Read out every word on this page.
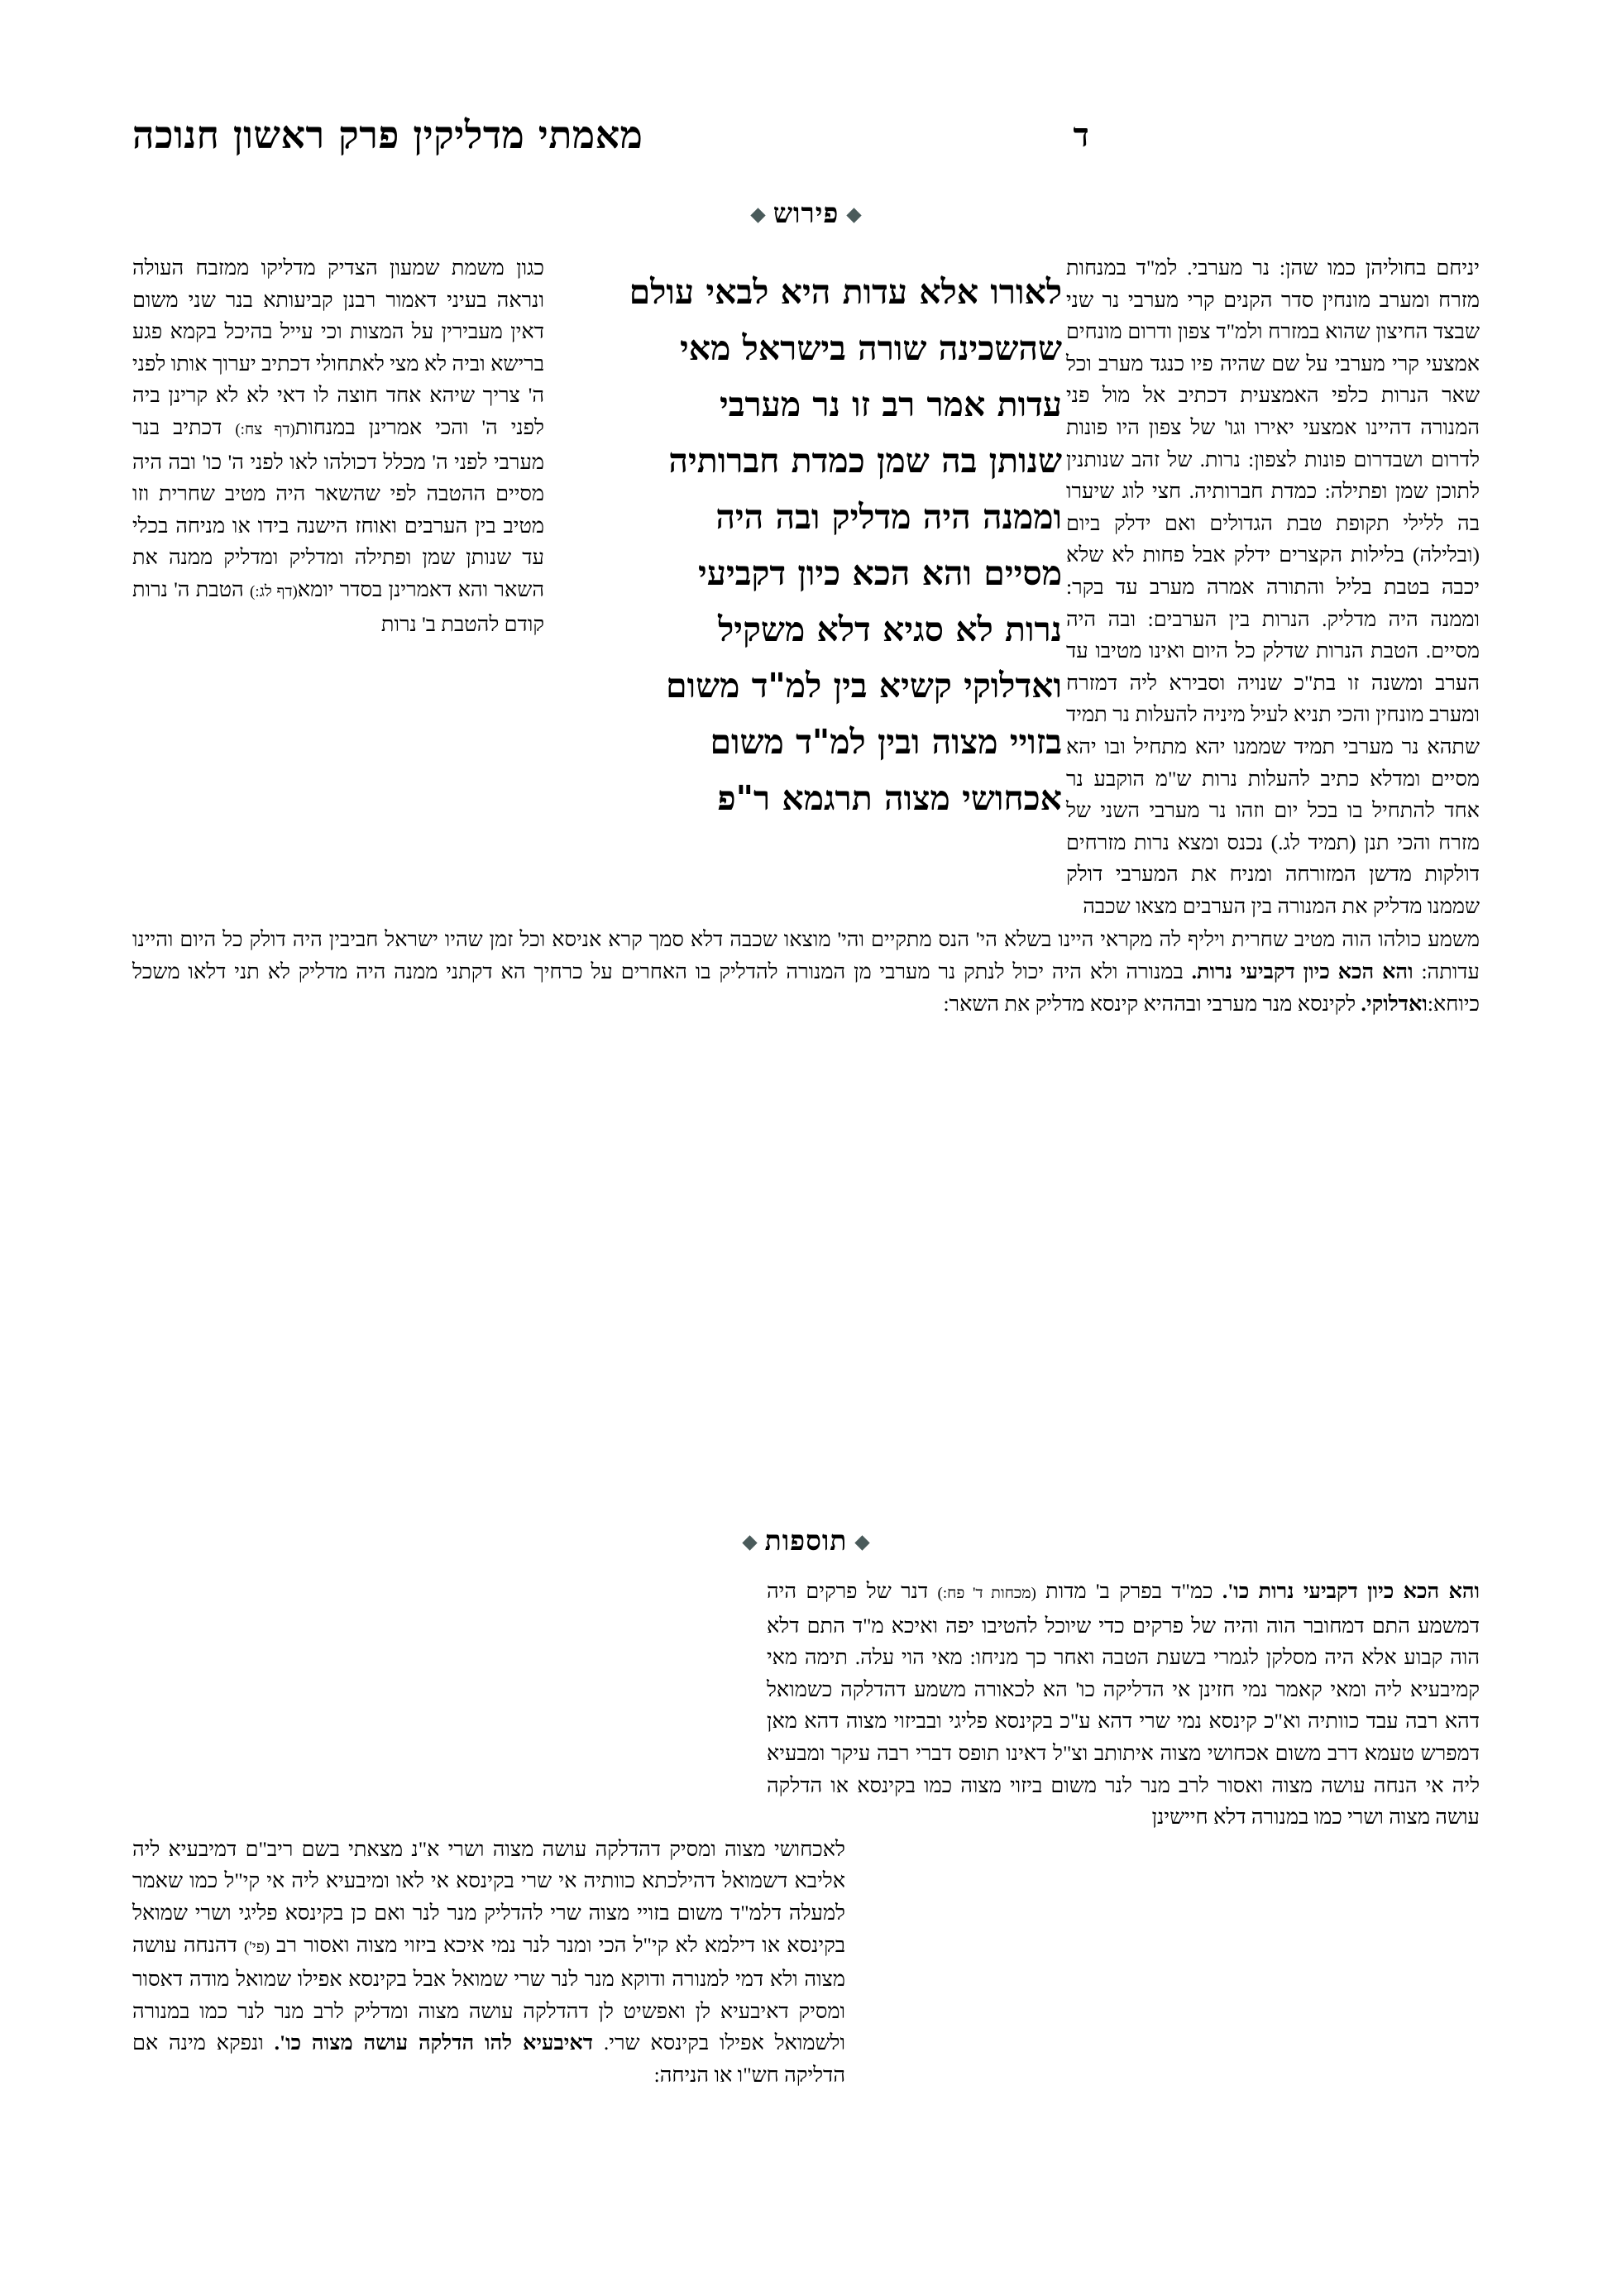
מאמתי מדליקין פרק ראשון חנוכה	ד
פירוש

יניחם בחוליהן כמו שהן: נר מערבי. למ"ד במנחות מזרח ומערב מונחין סדר הקנים קרי מערבי נר שני שבצד החיצון שהוא במזרח ולמ"ד צפון ודרום מונחים אמצעי קרי מערבי על שם שהיה פיו כנגד מערב וכל שאר הנרות כלפי האמצעית דכתיב אל מול פני המנורה דהיינו אמצעי יאירו וגו' של צפון היו פונות לדרום ושבדרום פונות לצפון: נרות. של זהב שנותנין לתוכן שמן ופתילה: כמדת חברותיה. חצי לוג שיערו בה ללילי תקופת טבת הגדולים ואם ידלק ביום (ובלילה) בלילות הקצרים ידלק אבל פחות לא שלא יכבה בטבת בליל והתורה אמרה מערב עד בקר: וממנה היה מדליק. הנרות בין הערבים: ובה היה מסיים. הטבת הנרות שדלק כל היום ואינו מטיבו עד הערב ומשנה זו בת"כ שנויה וסבירא ליה דמזרח ומערב מונחין והכי תניא לעיל מיניה להעלות נר תמיד שתהא נר מערבי תמיד שממנו יהא מתחיל ובו יהא מסיים ומדלא כתיב להעלות נרות ש"מ הוקבע נר אחד להתחיל בו בכל יום וזהו נר מערבי השני של מזרח והכי תנן (תמיד לג.) נכנס ומצא נרות מזרחים דולקות מדשן המזורחה ומניח את המערבי דולק שממנו מדליק את המנורה בין הערבים מצאו שכבה

כגון משמת שמעון הצדיק מדליקו ממזבח העולה ונראה בעיני דאמור רבנן קביעותא בנר שני משום דאין מעבירין על המצות וכי עייל בהיכל בקמא פגע ברישא וביה לא מצי לאתחולי דכתיב יערוך אותו לפני ה' צריך שיהא אחד חוצה לו דאי לא לא קרינן ביה לפני ה' והכי אמרינן במנחות(דף צח:) דכתיב בנר מערבי לפני ה' מכלל דכולהו לאו לפני ה' כו' ובה היה מסיים ההטבה לפי שהשאר היה מטיב שחרית וזו מטיב בין הערבים ואוחז הישנה בידו או מניחה בכלי עד שנותן שמן ופתילה ומדליק ומדליק ממנה את השאר והא דאמרינן בסדר יומא(דף לג:) הטבת ה' נרות קודם להטבת ב' נרות

לאורו אלא עדות היא לבאי עולם

שהשכינה שורה בישראל מאי

עדות אמר רב זו נר מערבי

שנותן בה שמן כמדת חברותיה

וממנה היה מדליק ובה היה

מסיים והא הכא כיון דקביעי

נרות לא סגיא דלא משקיל

ואדלוקי קשיא בין למ"ד משום

בזויי מצוה ובין למ"ד משום

אכחושי מצוה תרגמא ר"פ

משמע כולהו הוה מטיב שחרית ויליף לה מקראי היינו בשלא הי' הנס מתקיים והי' מוצאו שכבה דלא סמך קרא אניסא וכל זמן שהיו ישראל חביבין היה דולק כל היום והיינו עדותה: והא הכא כיון דקביעי נרות. במנורה ולא היה יכול לנתק נר מערבי מן המנורה להדליק בו האחרים על כרחיך הא דקתני ממנה היה מדליק לא תני דלאו משכל כיוחא:ואדלוקי. לקינסא מנר מערבי ובההיא קינסא מדליק את השאר:

תוספות

והא הכא כיון דקביעי נרות כו'. כמ"ד בפרק ב' מדות (מכחות ד' פח:) דנר של פרקים היה דמשמע התם דמחובר הוה והיה של פרקים כדי שיוכל להטיבו יפה ואיכא מ"ד התם דלא הוה קבוע אלא היה מסלקן לגמרי בשעת הטבה ואחר כך מניחו: מאי הוי עלה. תימה מאי קמיבעיא ליה ומאי קאמר נמי חזינן אי הדליקה כו' הא לכאורה משמע דהדלקה כשמואל דהא רבה עבד כוותיה וא"כ קינסא נמי שרי דהא ע"כ בקינסא פליגי ובביזוי מצוה דהא מאן דמפרש טעמא דרב משום אכחושי מצוה איתותב וצ"ל דאינו תופס דברי רבה עיקר ומבעיא ליה אי הנחה עושה מצוה ואסור לרב מנר לנר משום ביזוי מצוה כמו בקינסא או הדלקה עושה מצוה ושרי כמו במנורה דלא חיישינן

לאכחושי מצוה ומסיק דהדלקה עושה מצוה ושרי א"נ מצאתי בשם ריב"ם דמיבעיא ליה אליבא דשמואל דהילכתא כוותיה אי שרי בקינסא אי לאו ומיבעיא ליה אי קי"ל כמו שאמר למעלה דלמ"ד משום בזויי מצוה שרי להדליק מנר לנר ואם כן בקינסא פליגי ושרי שמואל בקינסא או דילמא לא קי"ל הכי ומנר לנר נמי איכא ביזוי מצוה ואסור רב (פי') דהנחה עושה מצוה ולא דמי למנורה ודוקא מנר לנר שרי שמואל אבל בקינסא אפילו שמואל מודה דאסור ומסיק דאיבעיא לן ואפשיט לן דהדלקה עושה מצוה ומדליק לרב מנר לנר כמו במנורה ולשמואל אפילו בקינסא שרי. דאיבעיא להו הדלקה עושה מצוה כו'. ונפקא מינה אם הדליקה חש"ו או הניחה:
